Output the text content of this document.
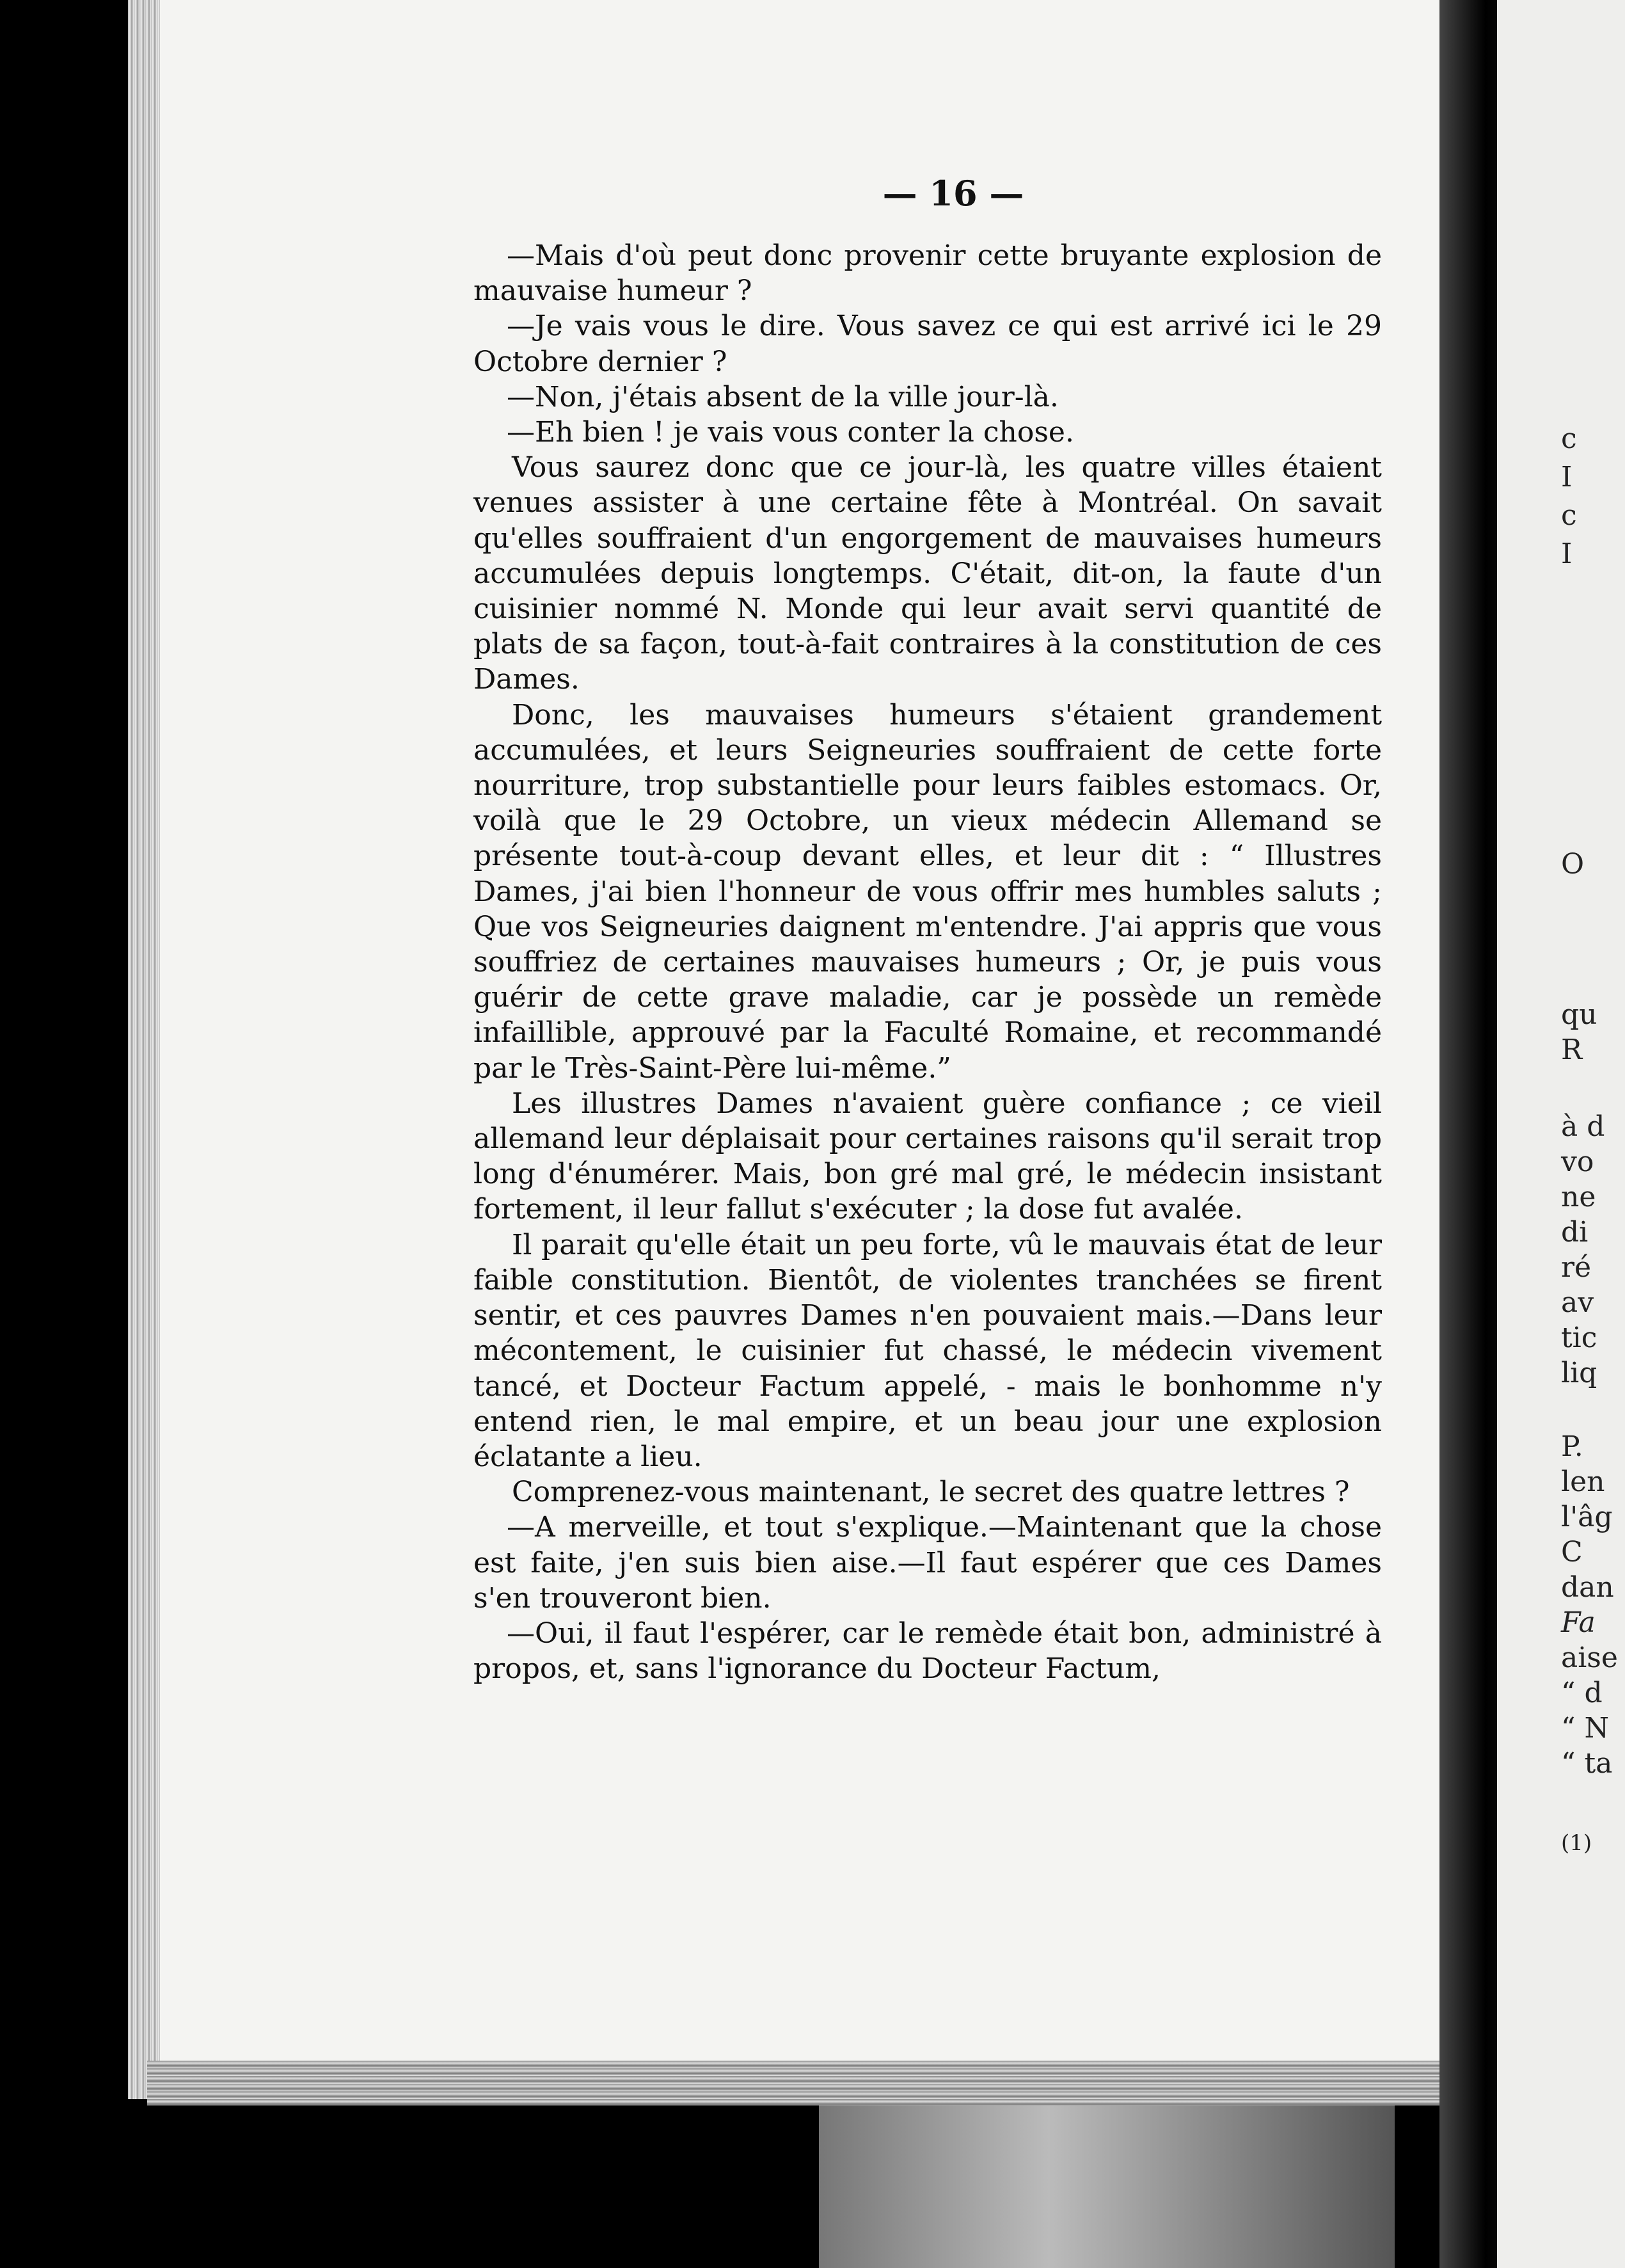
— 16 —

—Mais d'où peut donc provenir cette bruyante explosion de mauvaise humeur ?

—Je vais vous le dire. Vous savez ce qui est arrivé ici le 29 Octobre dernier ?

—Non, j'étais absent de la ville jour-là.

—Eh bien ! je vais vous conter la chose.

Vous saurez donc que ce jour-là, les quatre villes étaient venues assister à une certaine fête à Montréal. On savait qu'elles souffraient d'un engorgement de mauvaises humeurs accumulées depuis longtemps. C'était, dit-on, la faute d'un cuisinier nommé N. Monde qui leur avait servi quantité de plats de sa façon, tout-à-fait contraires à la constitution de ces Dames.

Donc, les mauvaises humeurs s'étaient grandement accumulées, et leurs Seigneuries souffraient de cette forte nourriture, trop substantielle pour leurs faibles estomacs. Or, voilà que le 29 Octobre, un vieux médecin Allemand se présente tout-à-coup devant elles, et leur dit : “ Illustres Dames, j'ai bien l'honneur de vous offrir mes humbles saluts ; Que vos Seigneuries daignent m'entendre. J'ai appris que vous souffriez de certaines mauvaises humeurs ; Or, je puis vous guérir de cette grave maladie, car je possède un remède infaillible, approuvé par la Faculté Romaine, et recommandé par le Très-Saint-Père lui-même.”

Les illustres Dames n'avaient guère confiance ; ce vieil allemand leur déplaisait pour certaines raisons qu'il serait trop long d'énumérer. Mais, bon gré mal gré, le médecin insistant fortement, il leur fallut s'exécuter ; la dose fut avalée.

Il parait qu'elle était un peu forte, vû le mauvais état de leur faible constitution. Bientôt, de violentes tranchées se firent sentir, et ces pauvres Dames n'en pouvaient mais.—Dans leur mécontement, le cuisinier fut chassé, le médecin vivement tancé, et Docteur Factum appelé, - mais le bonhomme n'y entend rien, le mal empire, et un beau jour une explosion éclatante a lieu.

Comprenez-vous maintenant, le secret des quatre lettres ?

—A merveille, et tout s'explique.—Maintenant que la chose est faite, j'en suis bien aise.—Il faut espérer que ces Dames s'en trouveront bien.

—Oui, il faut l'espérer, car le remède était bon, administré à propos, et, sans l'ignorance du Docteur Factum,

c
I
c
I
O
qu
R
à d
vo
ne
di
ré
av
tic
liq
P.
len
l'âg
C
dan
Fa
aise
“ d
“ N
“ ta
(1)
